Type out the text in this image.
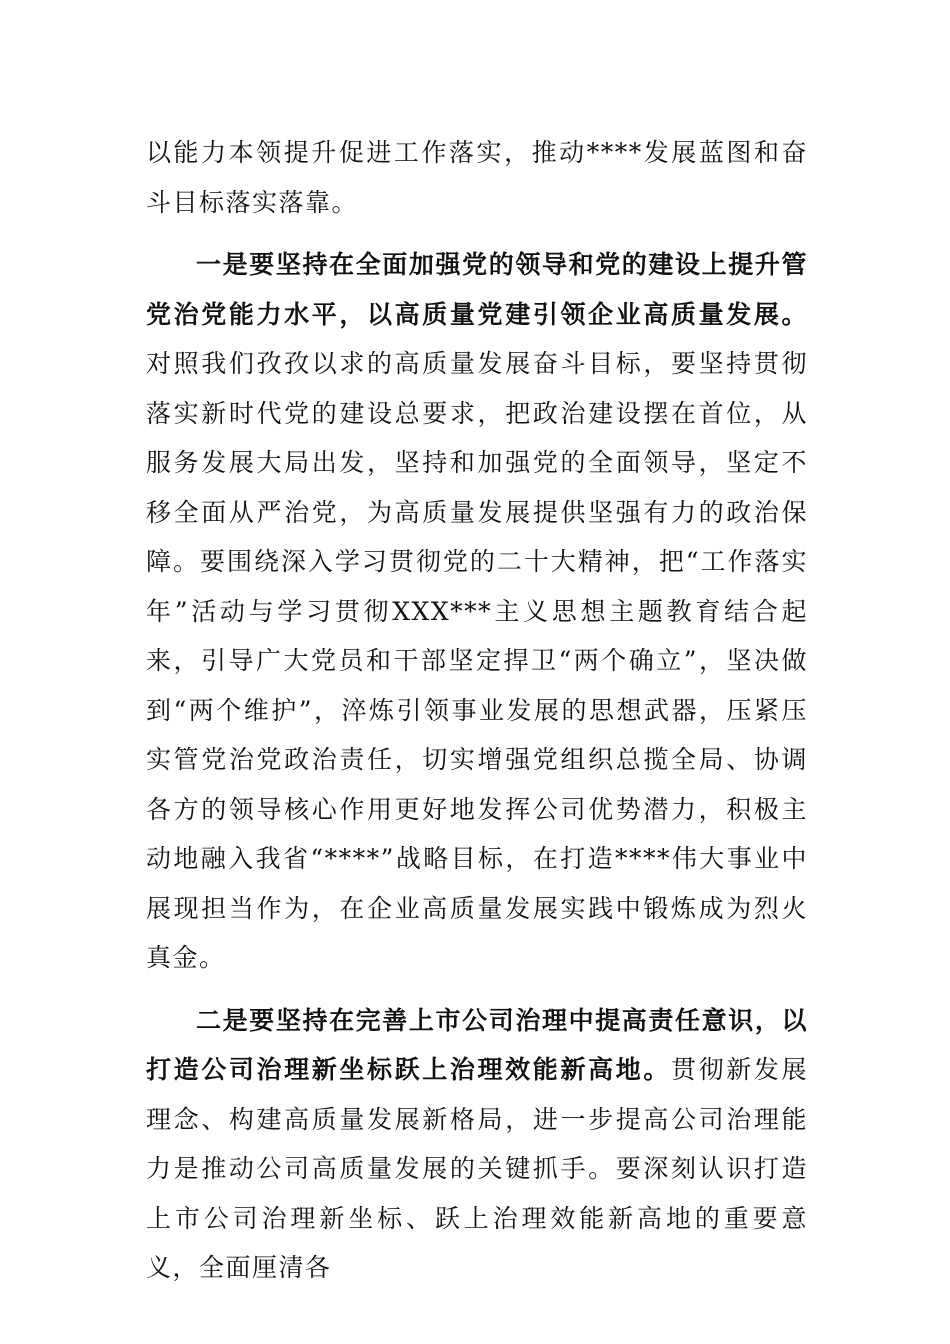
以能力本领提升促进工作落实，推动****发展蓝图和奋斗目标落实落靠。

一是要坚持在全面加强党的领导和党的建设上提升管党治党能力水平，以高质量党建引领企业高质量发展。对照我们孜孜以求的高质量发展奋斗目标，要坚持贯彻落实新时代党的建设总要求，把政治建设摆在首位，从服务发展大局出发，坚持和加强党的全面领导，坚定不移全面从严治党，为高质量发展提供坚强有力的政治保障。要围绕深入学习贯彻党的二十大精神，把“工作落实年”活动与学习贯彻XXX***主义思想主题教育结合起来，引导广大党员和干部坚定捍卫“两个确立”，坚决做到“两个维护”，淬炼引领事业发展的思想武器，压紧压实管党治党政治责任，切实增强党组织总揽全局、协调各方的领导核心作用更好地发挥公司优势潜力，积极主动地融入我省“****”战略目标，在打造****伟大事业中展现担当作为，在企业高质量发展实践中锻炼成为烈火真金。

二是要坚持在完善上市公司治理中提高责任意识，以打造公司治理新坐标跃上治理效能新高地。贯彻新发展理念、构建高质量发展新格局，进一步提高公司治理能力是推动公司高质量发展的关键抓手。要深刻认识打造上市公司治理新坐标、跃上治理效能新高地的重要意义，全面厘清各
